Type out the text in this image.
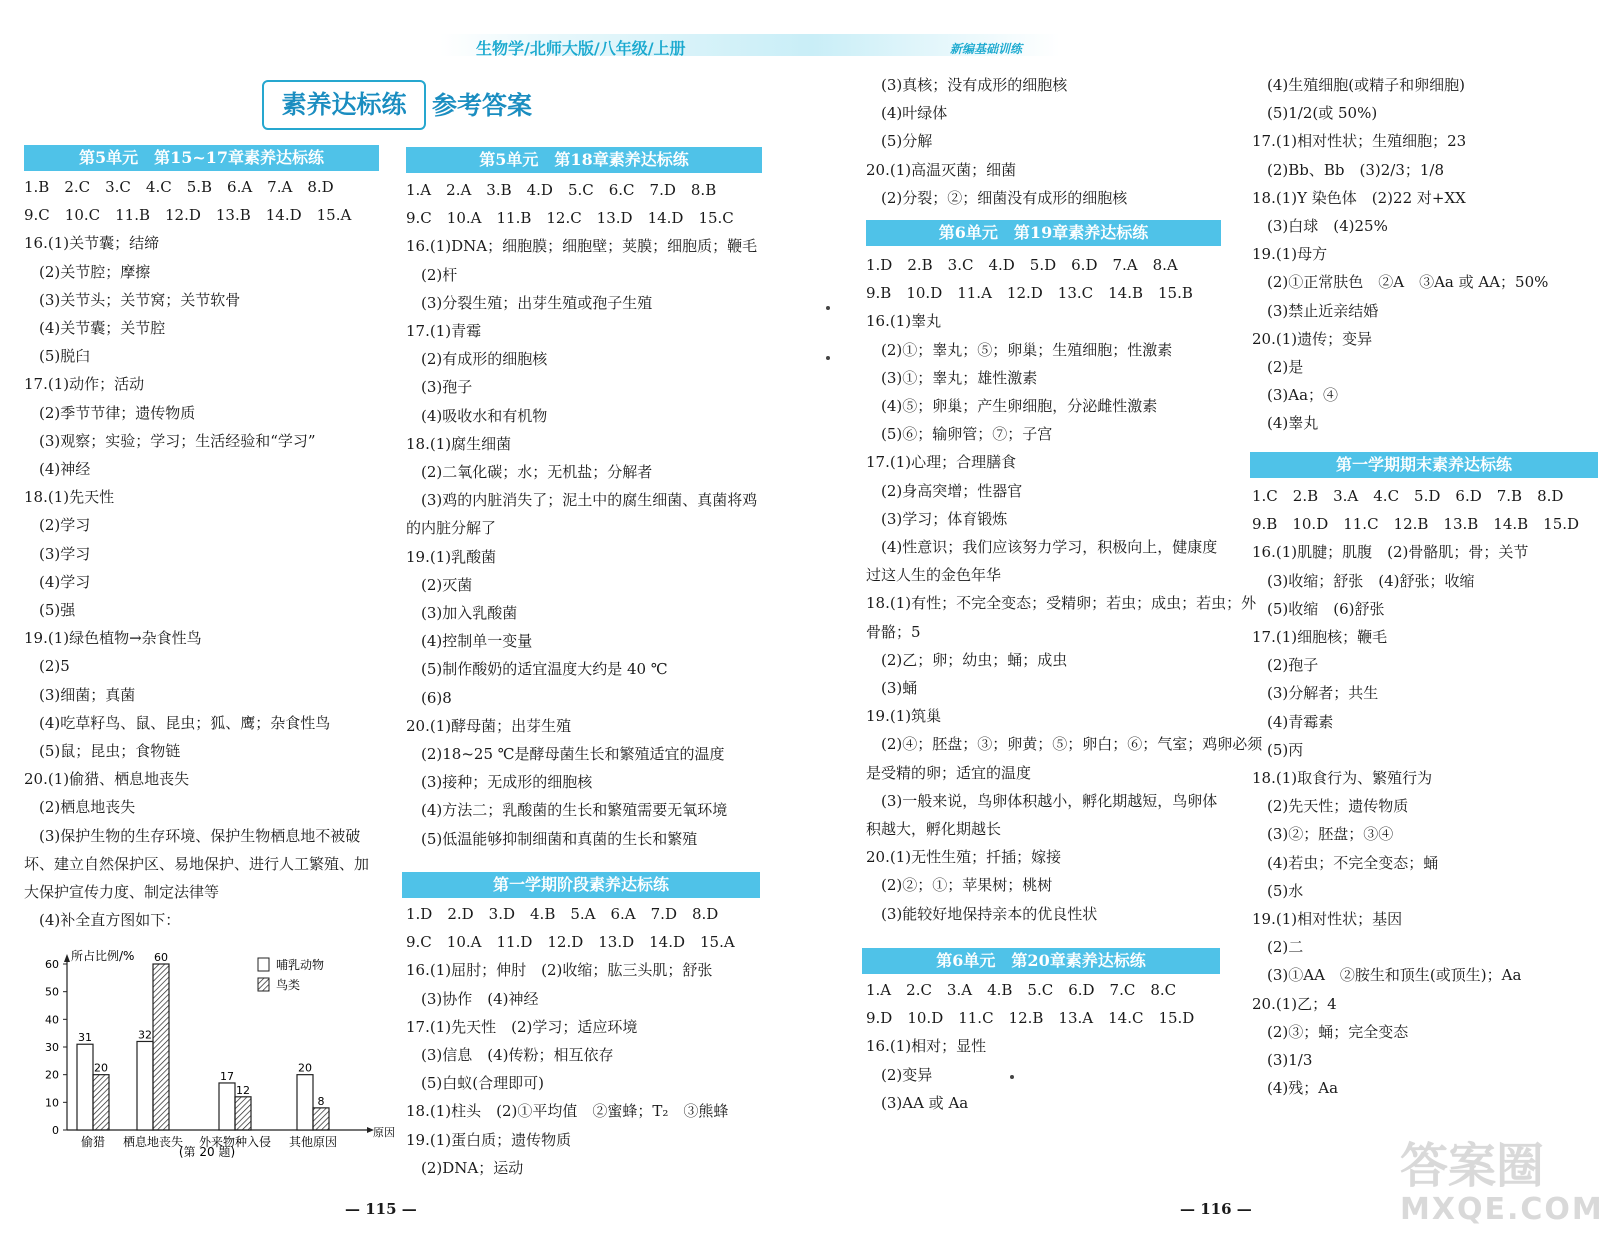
生物学/北师大版/八年级/上册	新编基础训练
素养达标练	参考答案
第5单元　第15~17章素养达标练
1.B　2.C　3.C　4.C　5.B　6.A　7.A　8.D
9.C　10.C　11.B　12.D　13.B　14.D　15.A
16.(1)关节囊；结缔
　(2)关节腔；摩擦
　(3)关节头；关节窝；关节软骨
　(4)关节囊；关节腔
　(5)脱臼
17.(1)动作；活动
　(2)季节节律；遗传物质
　(3)观察；实验；学习；生活经验和“学习”
　(4)神经
18.(1)先天性
　(2)学习
　(3)学习
　(4)学习
　(5)强
19.(1)绿色植物→杂食性鸟
　(2)5
　(3)细菌；真菌
　(4)吃草籽鸟、鼠、昆虫；狐、鹰；杂食性鸟
　(5)鼠；昆虫；食物链
20.(1)偷猎、栖息地丧失
　(2)栖息地丧失
　(3)保护生物的生存环境、保护生物栖息地不被破
坏、建立自然保护区、易地保护、进行人工繁殖、加
大保护宣传力度、制定法律等
　(4)补全直方图如下：
第5单元　第18章素养达标练
1.A　2.A　3.B　4.D　5.C　6.C　7.D　8.B
9.C　10.A　11.B　12.C　13.D　14.D　15.C
16.(1)DNA；细胞膜；细胞壁；荚膜；细胞质；鞭毛
　(2)杆
　(3)分裂生殖；出芽生殖或孢子生殖
17.(1)青霉
　(2)有成形的细胞核
　(3)孢子
　(4)吸收水和有机物
18.(1)腐生细菌
　(2)二氧化碳；水；无机盐；分解者
　(3)鸡的内脏消失了；泥土中的腐生细菌、真菌将鸡
的内脏分解了
19.(1)乳酸菌
　(2)灭菌
　(3)加入乳酸菌
　(4)控制单一变量
　(5)制作酸奶的适宜温度大约是 40 ℃
　(6)8
20.(1)酵母菌；出芽生殖
　(2)18~25 ℃是酵母菌生长和繁殖适宜的温度
　(3)接种；无成形的细胞核
　(4)方法二；乳酸菌的生长和繁殖需要无氧环境
　(5)低温能够抑制细菌和真菌的生长和繁殖
第一学期阶段素养达标练
1.D　2.D　3.D　4.B　5.A　6.A　7.D　8.D
9.C　10.A　11.D　12.D　13.D　14.D　15.A
16.(1)屈肘；伸肘　(2)收缩；肱三头肌；舒张
　(3)协作　(4)神经
17.(1)先天性　(2)学习；适应环境
　(3)信息　(4)传粉；相互依存
　(5)白蚁(合理即可)
18.(1)柱头　(2)①平均值　②蜜蜂；T₂　③熊蜂
19.(1)蛋白质；遗传物质
　(2)DNA；运动
　(3)真核；没有成形的细胞核
　(4)叶绿体
　(5)分解
20.(1)高温灭菌；细菌
　(2)分裂；②；细菌没有成形的细胞核
第6单元　第19章素养达标练
1.D　2.B　3.C　4.D　5.D　6.D　7.A　8.A
9.B　10.D　11.A　12.D　13.C　14.B　15.B
16.(1)睾丸
　(2)①；睾丸；⑤；卵巢；生殖细胞；性激素
　(3)①；睾丸；雄性激素
　(4)⑤；卵巢；产生卵细胞，分泌雌性激素
　(5)⑥；输卵管；⑦；子宫
17.(1)心理；合理膳食
　(2)身高突增；性器官
　(3)学习；体育锻炼
　(4)性意识；我们应该努力学习，积极向上，健康度
过这人生的金色年华
18.(1)有性；不完全变态；受精卵；若虫；成虫；若虫；外
骨骼；5
　(2)乙；卵；幼虫；蛹；成虫
　(3)蛹
19.(1)筑巢
　(2)④；胚盘；③；卵黄；⑤；卵白；⑥；气室；鸡卵必须
是受精的卵；适宜的温度
　(3)一般来说，鸟卵体积越小，孵化期越短，鸟卵体
积越大，孵化期越长
20.(1)无性生殖；扦插；嫁接
　(2)②；①；苹果树；桃树
　(3)能较好地保持亲本的优良性状
第6单元　第20章素养达标练
1.A　2.C　3.A　4.B　5.C　6.D　7.C　8.C
9.D　10.D　11.C　12.B　13.A　14.C　15.D
16.(1)相对；显性
　(2)变异
　(3)AA 或 Aa
　(4)生殖细胞(或精子和卵细胞)
　(5)1/2(或 50%)
17.(1)相对性状；生殖细胞；23
　(2)Bb、Bb　(3)2/3；1/8
18.(1)Y 染色体　(2)22 对+XX
　(3)白球　(4)25%
19.(1)母方
　(2)①正常肤色　②A　③Aa 或 AA；50%
　(3)禁止近亲结婚
20.(1)遗传；变异
　(2)是
　(3)Aa；④
　(4)睾丸
第一学期期末素养达标练
1.C　2.B　3.A　4.C　5.D　6.D　7.B　8.D
9.B　10.D　11.C　12.B　13.B　14.B　15.D
16.(1)肌腱；肌腹　(2)骨骼肌；骨；关节
　(3)收缩；舒张　(4)舒张；收缩
　(5)收缩　(6)舒张
17.(1)细胞核；鞭毛
　(2)孢子
　(3)分解者；共生
　(4)青霉素
　(5)丙
18.(1)取食行为、繁殖行为
　(2)先天性；遗传物质
　(3)②；胚盘；③④
　(4)若虫；不完全变态；蛹
　(5)水
19.(1)相对性状；基因
　(2)二
　(3)①AA　②胺生和顶生(或顶生)；Aa
20.(1)乙；4
　(2)③；蛹；完全变态
　(3)1/3
　(4)残；Aa
0
10
20
30
40
50
60
所占比例/%
原因
31
20
偷猎
32
60
栖息地丧失
17
12
外来物种入侵
20
8
其他原因
哺乳动物
鸟类
(第 20 题)
— 115 —	— 116 —
答案圈
MXQE.COM
